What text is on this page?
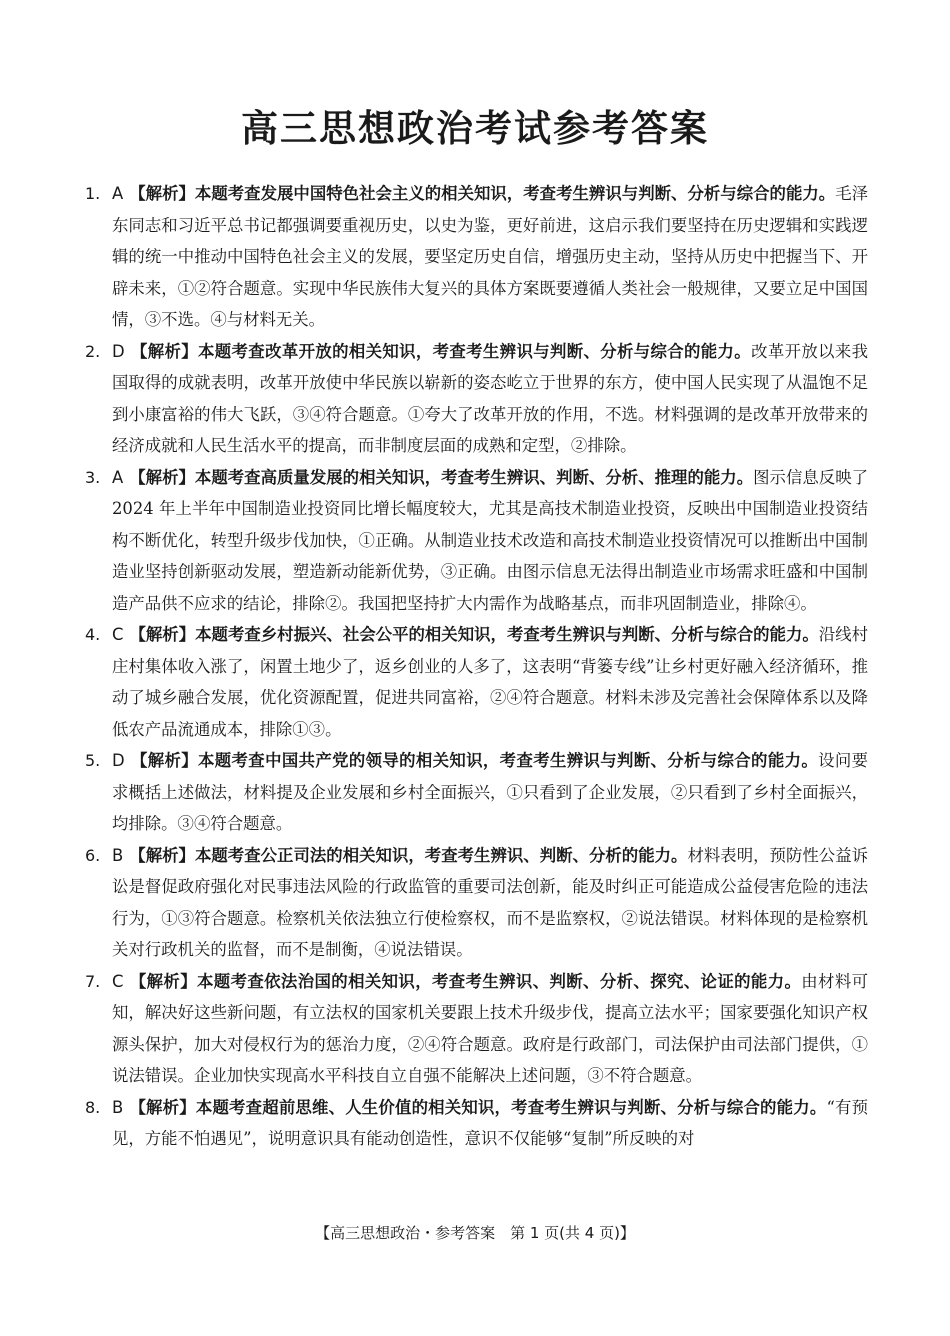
高三思想政治考试参考答案

1. A 【解析】本题考查发展中国特色社会主义的相关知识，考查考生辨识与判断、分析与综合的能力。毛泽东同志和习近平总书记都强调要重视历史，以史为鉴，更好前进，这启示我们要坚持在历史逻辑和实践逻辑的统一中推动中国特色社会主义的发展，要坚定历史自信，增强历史主动，坚持从历史中把握当下、开辟未来，①②符合题意。实现中华民族伟大复兴的具体方案既要遵循人类社会一般规律，又要立足中国国情，③不选。④与材料无关。

2. D 【解析】本题考查改革开放的相关知识，考查考生辨识与判断、分析与综合的能力。改革开放以来我国取得的成就表明，改革开放使中华民族以崭新的姿态屹立于世界的东方，使中国人民实现了从温饱不足到小康富裕的伟大飞跃，③④符合题意。①夸大了改革开放的作用，不选。材料强调的是改革开放带来的经济成就和人民生活水平的提高，而非制度层面的成熟和定型，②排除。

3. A 【解析】本题考查高质量发展的相关知识，考查考生辨识、判断、分析、推理的能力。图示信息反映了 2024 年上半年中国制造业投资同比增长幅度较大，尤其是高技术制造业投资，反映出中国制造业投资结构不断优化，转型升级步伐加快，①正确。从制造业技术改造和高技术制造业投资情况可以推断出中国制造业坚持创新驱动发展，塑造新动能新优势，③正确。由图示信息无法得出制造业市场需求旺盛和中国制造产品供不应求的结论，排除②。我国把坚持扩大内需作为战略基点，而非巩固制造业，排除④。

4. C 【解析】本题考查乡村振兴、社会公平的相关知识，考查考生辨识与判断、分析与综合的能力。沿线村庄村集体收入涨了，闲置土地少了，返乡创业的人多了，这表明“背篓专线”让乡村更好融入经济循环，推动了城乡融合发展，优化资源配置，促进共同富裕，②④符合题意。材料未涉及完善社会保障体系以及降低农产品流通成本，排除①③。

5. D 【解析】本题考查中国共产党的领导的相关知识，考查考生辨识与判断、分析与综合的能力。设问要求概括上述做法，材料提及企业发展和乡村全面振兴，①只看到了企业发展，②只看到了乡村全面振兴，均排除。③④符合题意。

6. B 【解析】本题考查公正司法的相关知识，考查考生辨识、判断、分析的能力。材料表明，预防性公益诉讼是督促政府强化对民事违法风险的行政监管的重要司法创新，能及时纠正可能造成公益侵害危险的违法行为，①③符合题意。检察机关依法独立行使检察权，而不是监察权，②说法错误。材料体现的是检察机关对行政机关的监督，而不是制衡，④说法错误。

7. C 【解析】本题考查依法治国的相关知识，考查考生辨识、判断、分析、探究、论证的能力。由材料可知，解决好这些新问题，有立法权的国家机关要跟上技术升级步伐，提高立法水平；国家要强化知识产权源头保护，加大对侵权行为的惩治力度，②④符合题意。政府是行政部门，司法保护由司法部门提供，①说法错误。企业加快实现高水平科技自立自强不能解决上述问题，③不符合题意。

8. B 【解析】本题考查超前思维、人生价值的相关知识，考查考生辨识与判断、分析与综合的能力。“有预见，方能不怕遇见”，说明意识具有能动创造性，意识不仅能够“复制”所反映的对

【高三思想政治・参考答案　第 1 页(共 4 页)】
